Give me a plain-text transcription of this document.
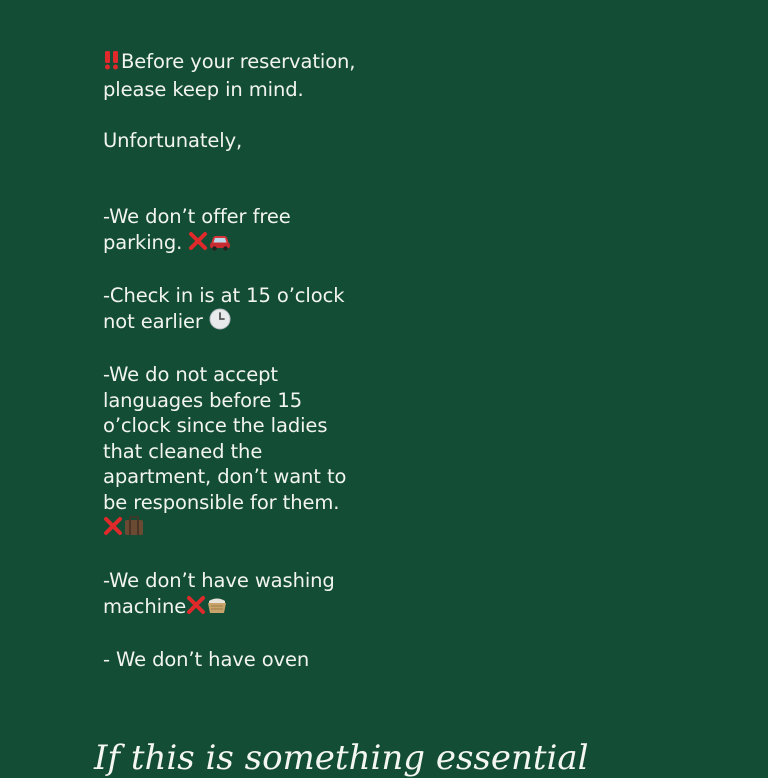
Before your reservation,
please keep in mind.
Unfortunately,
-We don’t offer free
parking.
-Check in is at 15 o’clock
not earlier
-We do not accept
languages before 15
o’clock since the ladies
that cleaned the
apartment, don’t want to
be responsible for them.
-We don’t have washing
machine
- We don’t have oven
If this is something essential
